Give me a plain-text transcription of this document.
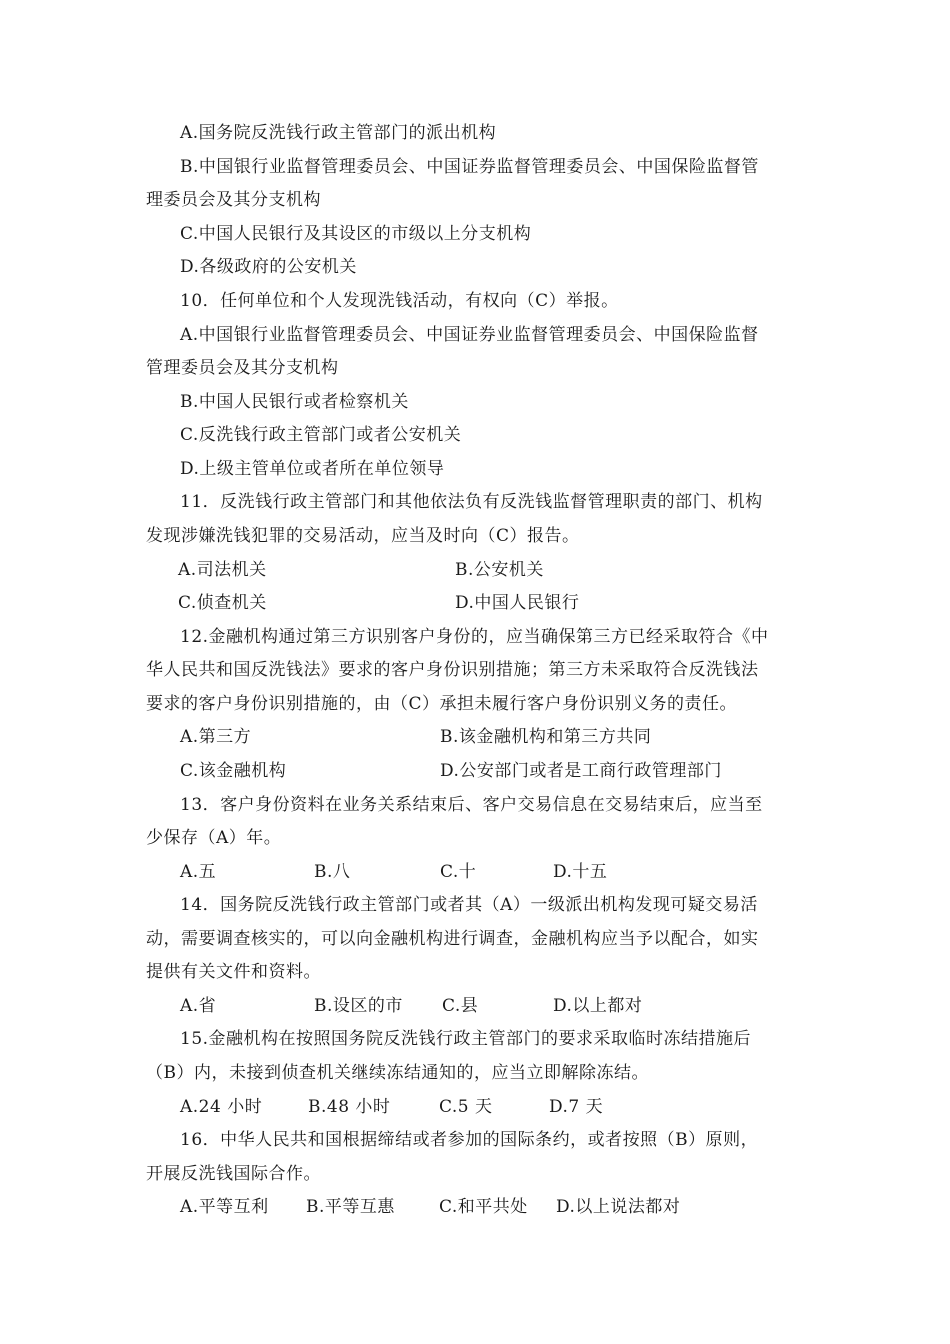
A.国务院反洗钱行政主管部门的派出机构
B.中国银行业监督管理委员会、中国证券监督管理委员会、中国保险监督管
理委员会及其分支机构
C.中国人民银行及其设区的市级以上分支机构
D.各级政府的公安机关
10．任何单位和个人发现洗钱活动，有权向（C）举报。
A.中国银行业监督管理委员会、中国证券业监督管理委员会、中国保险监督
管理委员会及其分支机构
B.中国人民银行或者检察机关
C.反洗钱行政主管部门或者公安机关
D.上级主管单位或者所在单位领导
11．反洗钱行政主管部门和其他依法负有反洗钱监督管理职责的部门、机构
发现涉嫌洗钱犯罪的交易活动，应当及时向（C）报告。
A.司法机关	B.公安机关
C.侦查机关	D.中国人民银行
12.金融机构通过第三方识别客户身份的，应当确保第三方已经采取符合《中
华人民共和国反洗钱法》要求的客户身份识别措施；第三方未采取符合反洗钱法
要求的客户身份识别措施的，由（C）承担未履行客户身份识别义务的责任。
A.第三方	B.该金融机构和第三方共同
C.该金融机构	D.公安部门或者是工商行政管理部门
13．客户身份资料在业务关系结束后、客户交易信息在交易结束后，应当至
少保存（A）年。
A.五	B.八	C.十	D.十五
14．国务院反洗钱行政主管部门或者其（A）一级派出机构发现可疑交易活
动，需要调查核实的，可以向金融机构进行调查，金融机构应当予以配合，如实
提供有关文件和资料。
A.省	B.设区的市 C.县	D.以上都对
15.金融机构在按照国务院反洗钱行政主管部门的要求采取临时冻结措施后
（B）内，未接到侦查机关继续冻结通知的，应当立即解除冻结。
A.24 小时	B.48 小时	C.5 天	D.7 天
16．中华人民共和国根据缔结或者参加的国际条约，或者按照（B）原则，
开展反洗钱国际合作。
A.平等互利 B.平等互惠	C.和平共处 D.以上说法都对
